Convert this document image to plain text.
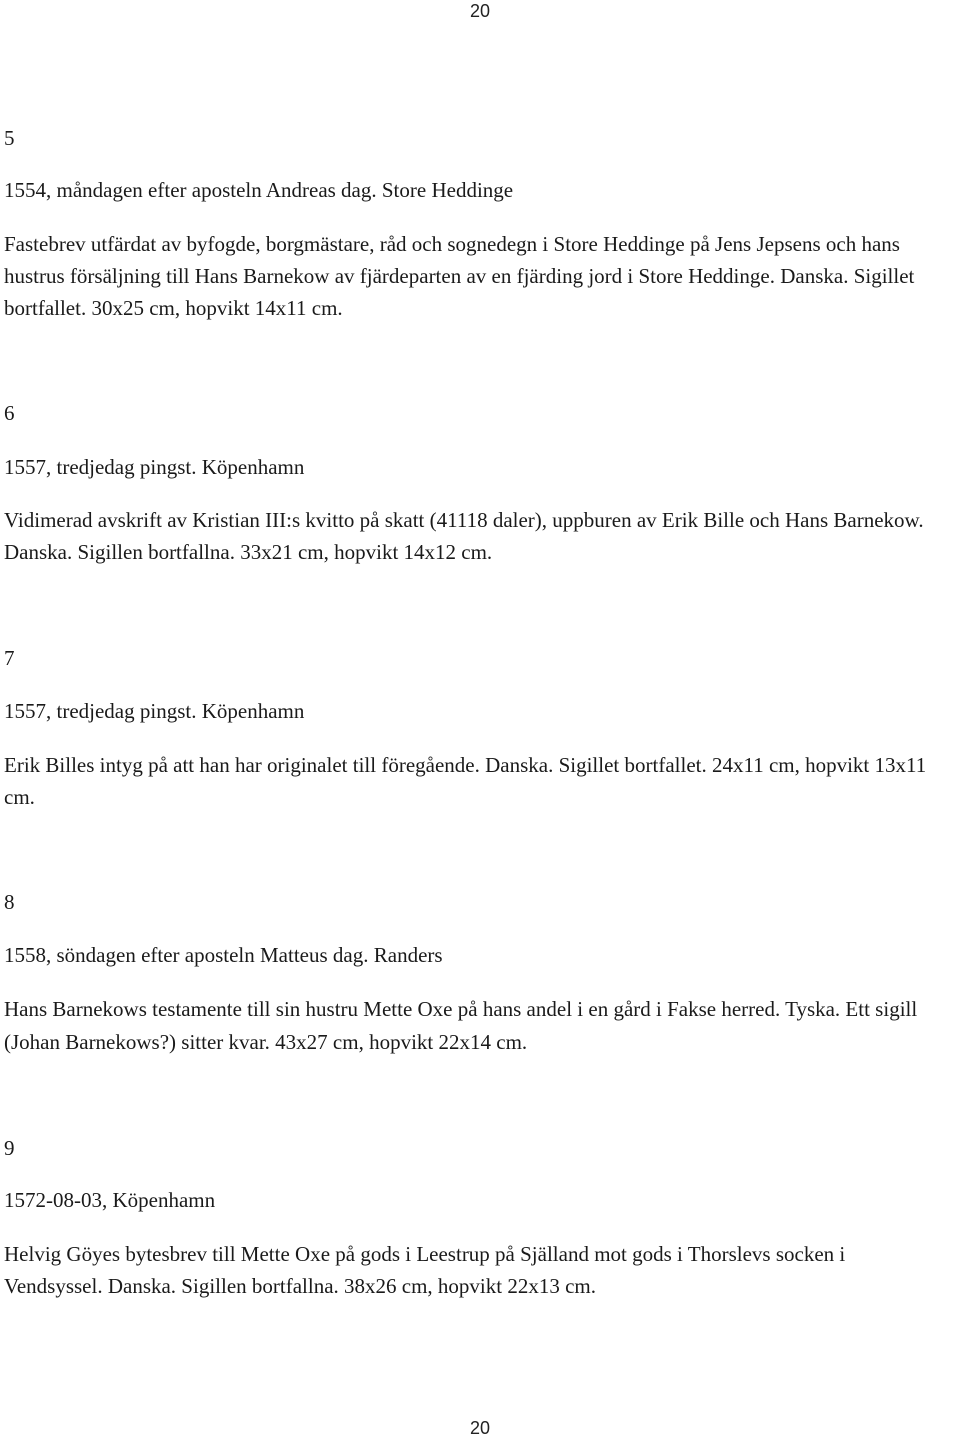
20
5
1554, måndagen efter aposteln Andreas dag. Store Heddinge

Fastebrev utfärdat av byfogde, borgmästare, råd och sognedegn i Store Heddinge på Jens Jepsens och hans hustrus försäljning till Hans Barnekow av fjärdeparten av en fjärding jord i Store Heddinge. Danska. Sigillet bortfallet. 30x25 cm, hopvikt 14x11 cm.

6
1557, tredjedag pingst. Köpenhamn

Vidimerad avskrift av Kristian III:s kvitto på skatt (41118 daler), uppburen av Erik Bille och Hans Barnekow. Danska. Sigillen bortfallna. 33x21 cm, hopvikt 14x12 cm.

7
1557, tredjedag pingst. Köpenhamn

Erik Billes intyg på att han har originalet till föregående. Danska. Sigillet bortfallet. 24x11 cm, hopvikt 13x11 cm.

8
1558, söndagen efter aposteln Matteus dag. Randers

Hans Barnekows testamente till sin hustru Mette Oxe på hans andel i en gård i Fakse herred. Tyska. Ett sigill (Johan Barnekows?) sitter kvar. 43x27 cm, hopvikt 22x14 cm.

9
1572-08-03, Köpenhamn

Helvig Göyes bytesbrev till Mette Oxe på gods i Leestrup på Själland mot gods i Thorslevs socken i Vendsyssel. Danska. Sigillen bortfallna. 38x26 cm, hopvikt 22x13 cm.

20
